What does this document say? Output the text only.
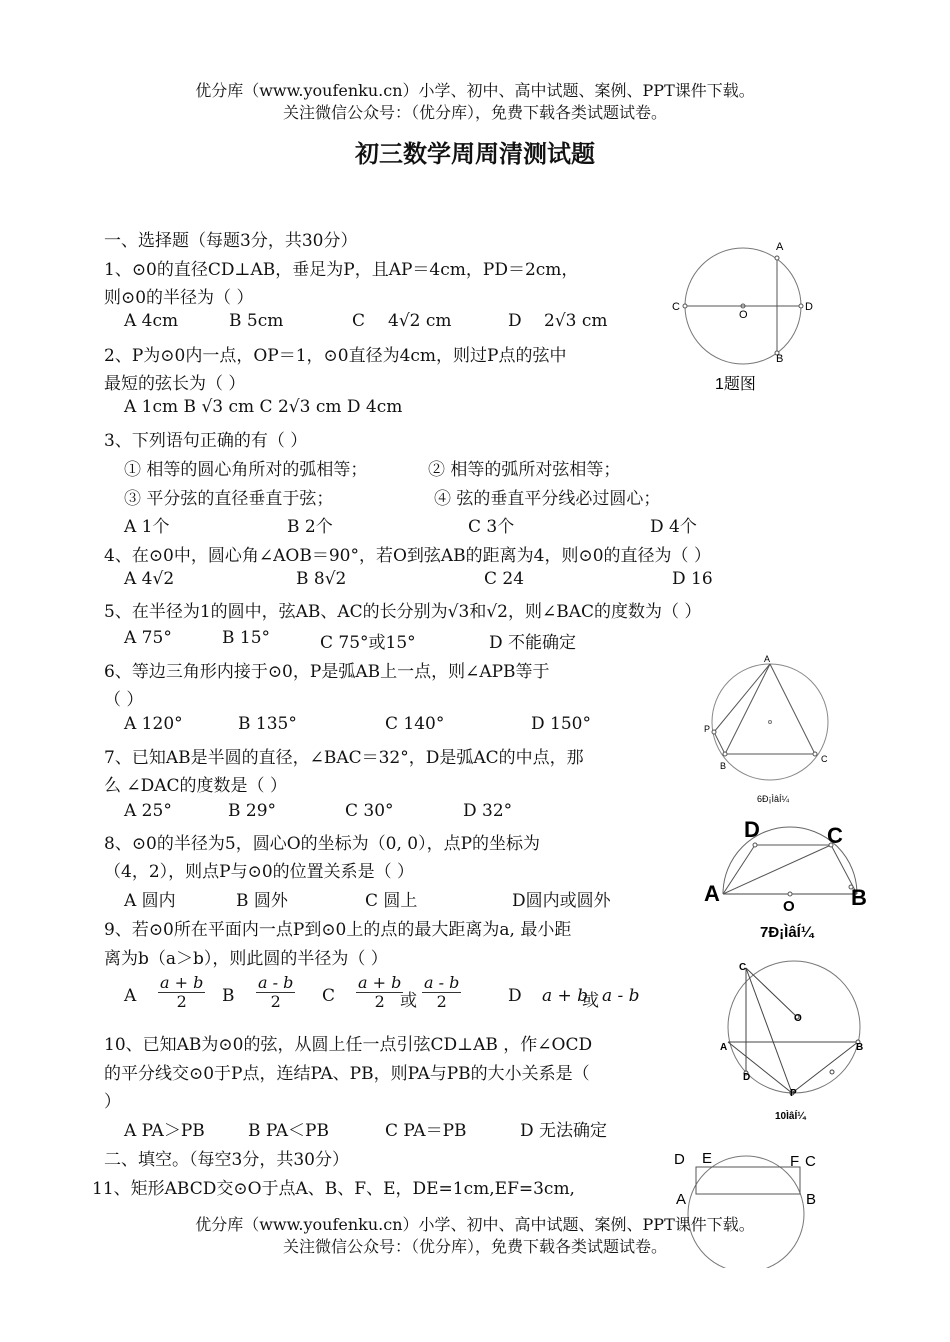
优分库（www.youfenku.cn）小学、初中、高中试题、案例、PPT课件下载。
关注微信公众号：（优分库），免费下载各类试题试卷。
初三数学周周清测试题
一、选择题（每题3分，共30分）
1、⊙0的直径CD⊥AB，垂足为P，且AP＝4cm，PD＝2cm，
则⊙0的半径为（ ）
A 4cm	B 5cm	C 4√2 cm	D 2√3 cm
A
B
C	D
O
1题图
2、P为⊙0内一点，OP＝1，⊙0直径为4cm，则过P点的弦中
最短的弦长为（ ）
A 1cm B √3 cm C 2√3 cm D 4cm
3、下列语句正确的有（ ）
① 相等的圆心角所对的弧相等；	② 相等的弧所对弦相等；
③ 平分弦的直径垂直于弦；	④ 弦的垂直平分线必过圆心；
A 1个	B 2个	C 3个	D 4个
4、在⊙0中，圆心角∠AOB＝90°，若O到弦AB的距离为4，则⊙0的直径为（ ）
A 4√2	B 8√2	C 24	D 16
5、在半径为1的圆中，弦AB、AC的长分别为√3和√2，则∠BAC的度数为（ ）
A 75°	B 15°	C 75°或15°	D 不能确定
6、等边三角形内接于⊙0，P是弧AB上一点，则∠APB等于
（ ）
A 120°	B 135°	C 140°	D 150°
A
P
B
C
6Ð¡ÌâÍ¼
7、已知AB是半圆的直径，∠BAC＝32°，D是弧AC的中点，那
么 ∠DAC的度数是（ ）
A 25°	B 29°	C 30°	D 32°
D	C
A	B
O
7Ð¡ÌâÍ¼
8、⊙0的半径为5，圆心O的坐标为（0, 0），点P的坐标为
（4，2），则点P与⊙0的位置关系是（ ）
A 圆内	B 圆外	C 圆上	D圆内或圆外
9、若⊙0所在平面内一点P到⊙0上的点的最大距离为a, 最小距
离为b（a＞b），则此圆的半径为（ ）
A $\frac{a + b}{2}$ B $\frac{a - b}{2}$ C $\frac{a + b}{2}$
或 $\frac{a - b}{2}$	D a + b
或 a - b
C
O
A	B
D
P
10ÌâÍ¼
10、已知AB为⊙0的弦，从圆上任一点引弦CD⊥AB ，作∠OCD
的平分线交⊙0于P点，连结PA、PB，则PA与PB的大小关系是（
）
A PA＞PB	B PA＜PB	C PA＝PB	D 无法确定
二、填空。（每空3分，共30分）
11、矩形ABCD交⊙O于点A、B、F、E，DE=1cm,EF=3cm,
D E	F C
A	B
优分库（www.youfenku.cn）小学、初中、高中试题、案例、PPT课件下载。
关注微信公众号：（优分库），免费下载各类试题试卷。
